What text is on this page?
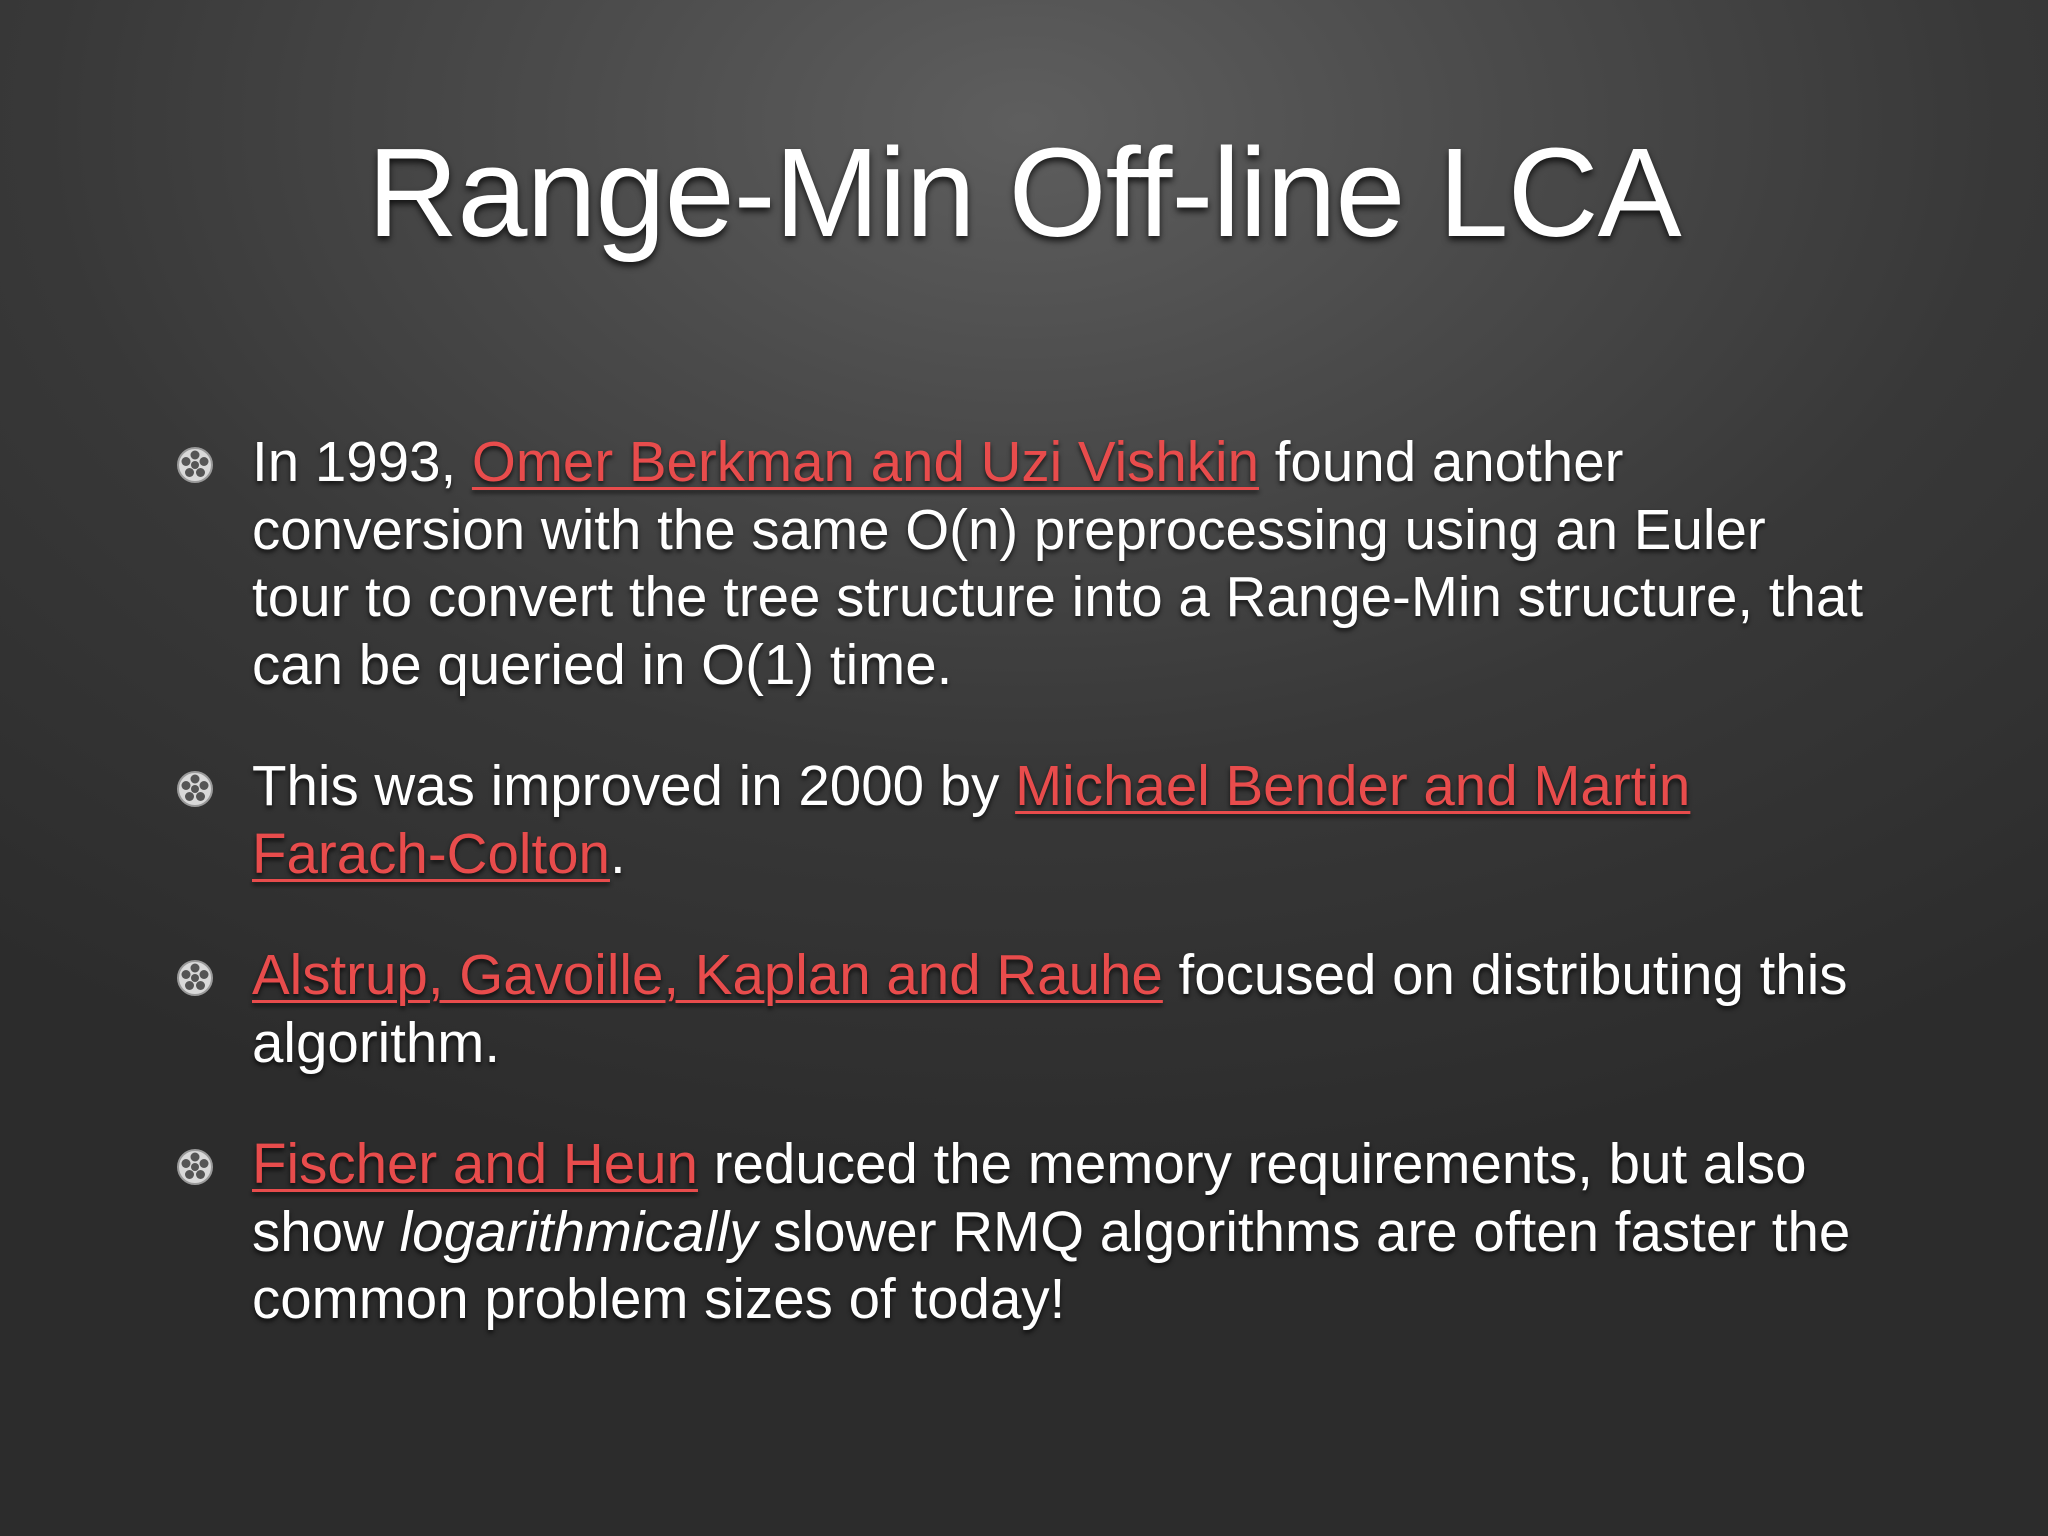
Range-Min Off-line LCA
In 1993, Omer Berkman and Uzi Vishkin found another conversion with the same O(n) preprocessing using an Euler tour to convert the tree structure into a Range-Min structure, that can be queried in O(1) time.
This was improved in 2000 by Michael Bender and Martin Farach-Colton.
Alstrup, Gavoille, Kaplan and Rauhe focused on distributing this algorithm.
Fischer and Heun reduced the memory requirements, but also show logarithmically slower RMQ algorithms are often faster the common problem sizes of today!
